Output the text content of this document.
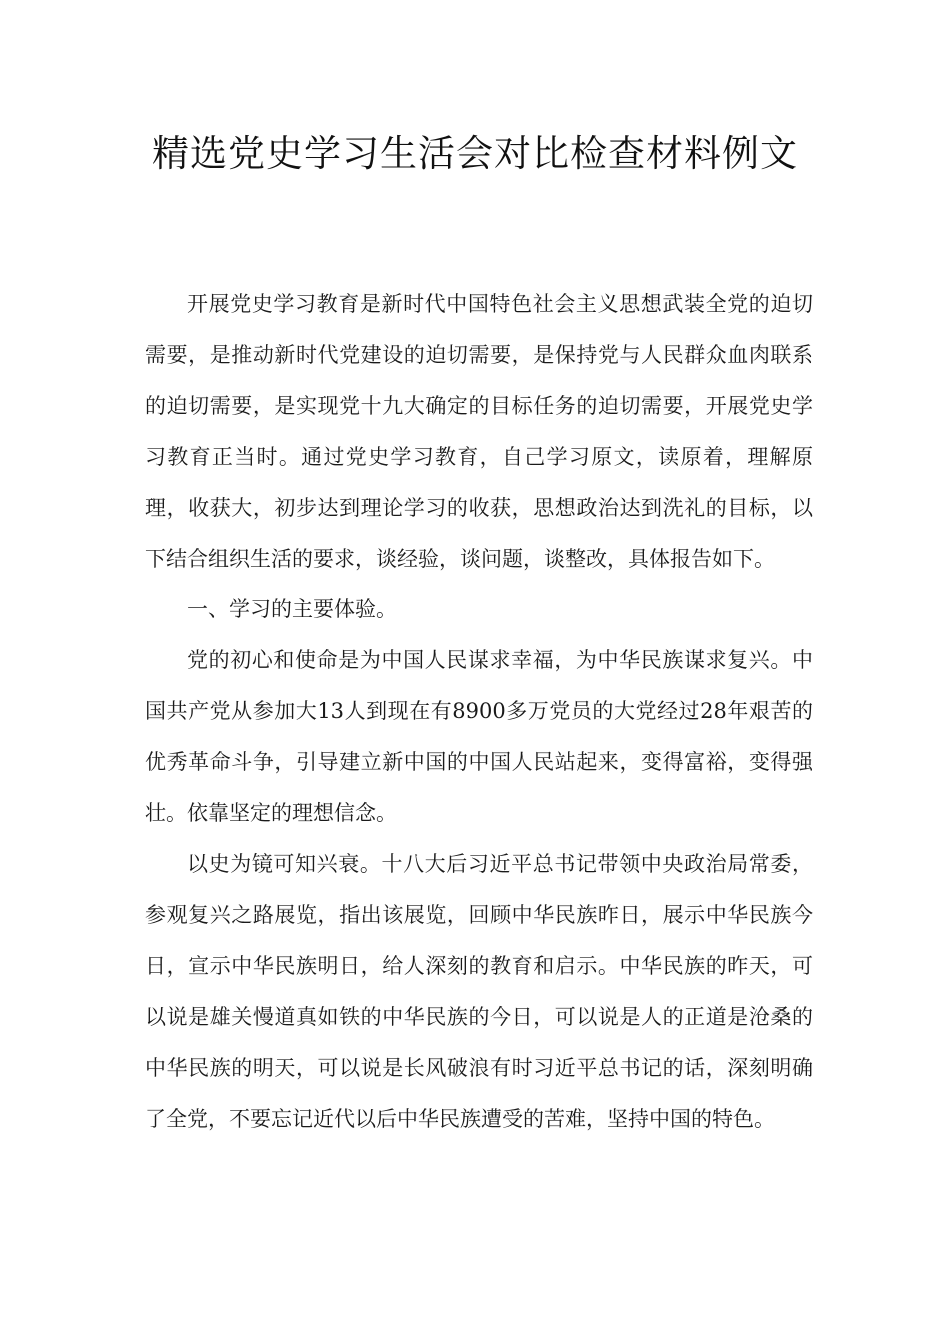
精选党史学习生活会对比检查材料例文

开展党史学习教育是新时代中国特色社会主义思想武装全党的迫切需要，是推动新时代党建设的迫切需要，是保持党与人民群众血肉联系的迫切需要，是实现党十九大确定的目标任务的迫切需要，开展党史学习教育正当时。通过党史学习教育，自己学习原文，读原着，理解原理，收获大，初步达到理论学习的收获，思想政治达到洗礼的目标，以下结合组织生活的要求，谈经验，谈问题，谈整改，具体报告如下。

一、学习的主要体验。

党的初心和使命是为中国人民谋求幸福，为中华民族谋求复兴。中国共产党从参加大13人到现在有8900多万党员的大党经过28年艰苦的优秀革命斗争，引导建立新中国的中国人民站起来，变得富裕，变得强壮。依靠坚定的理想信念。

以史为镜可知兴衰。十八大后习近平总书记带领中央政治局常委，参观复兴之路展览，指出该展览，回顾中华民族昨日，展示中华民族今日，宣示中华民族明日，给人深刻的教育和启示。中华民族的昨天，可以说是雄关慢道真如铁的中华民族的今日，可以说是人的正道是沧桑的中华民族的明天，可以说是长风破浪有时习近平总书记的话，深刻明确了全党，不要忘记近代以后中华民族遭受的苦难，坚持中国的特色。
